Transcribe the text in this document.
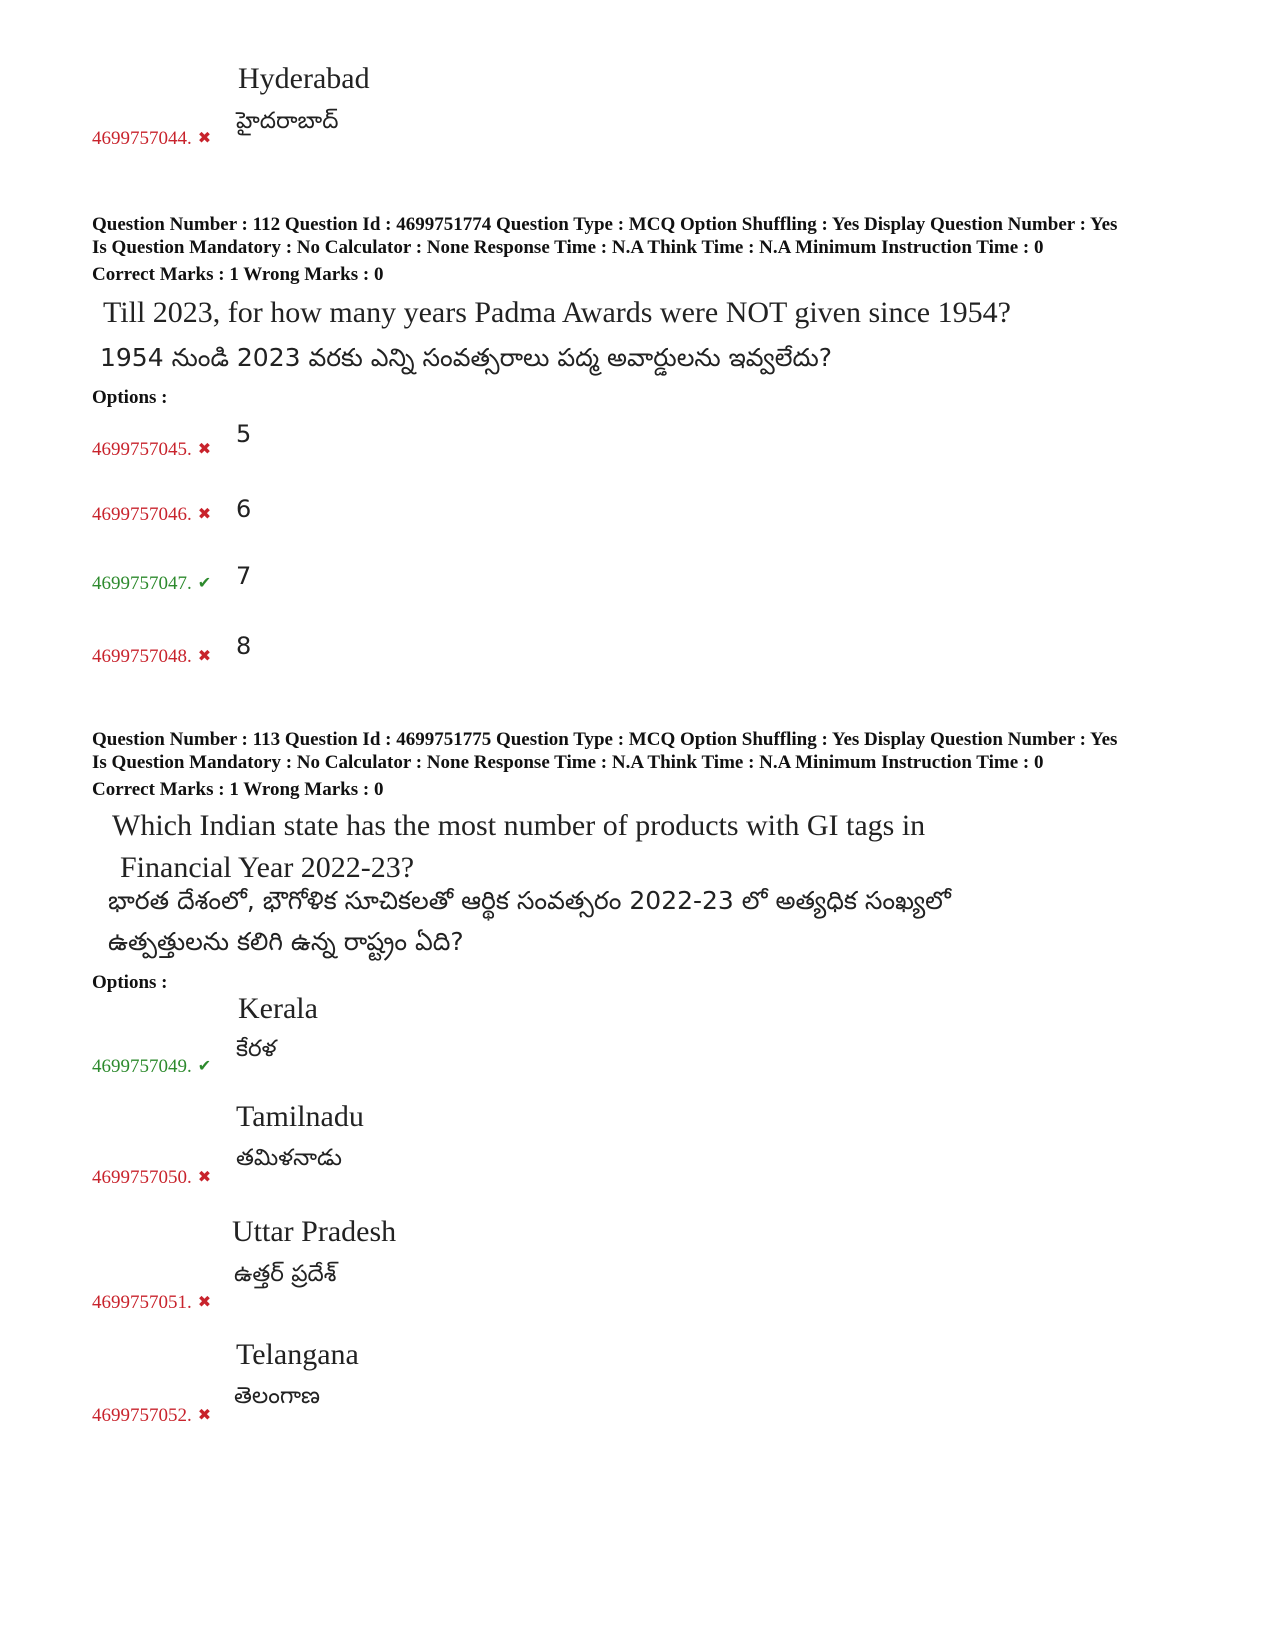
Hyderabad
హైదరాబాద్
4699757044. ✖
Question Number : 112 Question Id : 4699751774 Question Type : MCQ Option Shuffling : Yes Display Question Number : Yes
Is Question Mandatory : No Calculator : None Response Time : N.A Think Time : N.A Minimum Instruction Time : 0
Correct Marks : 1 Wrong Marks : 0
Till 2023, for how many years Padma Awards were NOT given since 1954?
1954 నుండి 2023 వరకు ఎన్ని సంవత్సరాలు పద్మ అవార్డులను ఇవ్వలేదు?
Options :
5
4699757045. ✖
6
4699757046. ✖
7
4699757047. ✔
8
4699757048. ✖
Question Number : 113 Question Id : 4699751775 Question Type : MCQ Option Shuffling : Yes Display Question Number : Yes
Is Question Mandatory : No Calculator : None Response Time : N.A Think Time : N.A Minimum Instruction Time : 0
Correct Marks : 1 Wrong Marks : 0
Which Indian state has the most number of products with GI tags in
Financial Year 2022-23?
భారత దేశంలో, భౌగోళిక సూచికలతో ఆర్థిక సంవత్సరం 2022-23 లో అత్యధిక సంఖ్యలో
ఉత్పత్తులను కలిగి ఉన్న రాష్ట్రం ఏది?
Options :
Kerala
కేరళ
4699757049. ✔
Tamilnadu
తమిళనాడు
4699757050. ✖
Uttar Pradesh
ఉత్తర్ ప్రదేశ్
4699757051. ✖
Telangana
తెలంగాణ
4699757052. ✖
